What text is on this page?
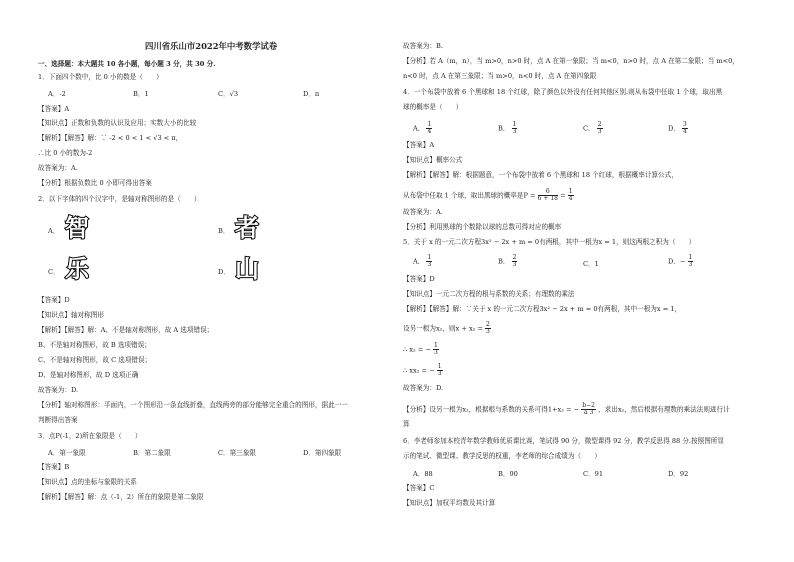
四川省乐山市2022年中考数学试卷
一、选择题：本大题共 10 各小题，每小题 3 分，共 30 分.
1．下面四个数中，比 0 小的数是（　　）
A．-2	B．1	C．√3	D．π
【答案】A
【知识点】正数和负数的认识及应用；实数大小的比较
【解析】【解答】解：∵ -2 < 0 < 1 < √3 < π,
∴比 0 小的数为-2
故答案为：A.
【分析】根据负数比 0 小即可得出答案
2．以下字体的四个汉字中，是轴对称图形的是（　　）
A． 智	B． 者
C． 乐	D． 山
【答案】D
【知识点】轴对称图形
【解析】【解答】解：A、不是轴对称图形，故 A 选项错误；
B、不是轴对称图形，故 B 选项错误；
C、不是轴对称图形，故 C 选项错误；
D、是轴对称图形，故 D 选项正确
故答案为：D.
【分析】轴对称图形：平面内，一个图形沿一条直线折叠，直线两旁的部分能够完全重合的图形，据此一一
判断得出答案
3．点P(-1，2)所在象限是（　　）
A．第一象限	B．第二象限	C．第三象限	D．第四象限
【答案】B
【知识点】点的坐标与象限的关系
【解析】【解答】解：点（-1，2）所在的象限是第二象限
故答案为：B.
【分析】若 A（m，n），当 m>0，n>0 时，点 A 在第一象限；当 m<0，n>0 时，点 A 在第二象限；当 m<0，
n<0 时，点 A 在第三象限；当 m>0，n<0 时，点 A 在第四象限
4．一个布袋中放着 6 个黑球和 18 个红球，除了颜色以外没有任何其他区别.则从布袋中任取 1 个球，取出黑
球的概率是（　　）
A． $\frac{1}{4}$	B． $\frac{1}{3}$	C． $\frac{2}{3}$	D． $\frac{3}{4}$
【答案】A
【知识点】概率公式
【解析】【解答】解：根据题意，一个布袋中放着 6 个黑球和 18 个红球，根据概率计算公式，
从布袋中任取 1 个球，取出黑球的概率是$P = \frac{6}{6 + 18} = \frac{1}{4}$
故答案为：A.
【分析】利用黑球的个数除以球的总数可得对应的概率
5．关于 x 的一元二次方程3x² − 2x + m = 0有两根，其中一根为x = 1，则这两根之积为（　　）
A． $\frac{1}{3}$	B． $\frac{2}{3}$	C．1	D．− $\frac{1}{3}$
【答案】D
【知识点】一元二次方程的根与系数的关系；有理数的乘法
【解析】【解答】解：∵关于 x 的一元二次方程3x² − 2x + m = 0有两根，其中一根为x = 1，
设另一根为x₂，则$x + x_2 = \frac{2}{3}$
∴ x₂ = − $\frac{1}{3}$
∴ xx₂ = − $\frac{1}{3}$
故答案为：D.
【分析】设另一根为x₂，根据根与系数的关系可得1+x₂ = − $\frac{b-2}{a 3}$ ，求出x₂，然后根据有理数的乘法法则进行计
算
6．李老师参加本校青年数学教师优质课比赛，笔试得 90 分，微型课得 92 分，教学反思得 88 分.按照图所显
示的笔试、微型课、教学反思的权重，李老师的综合成绩为（　　）
A．88	B．90	C．91	D．92
【答案】C
【知识点】加权平均数及其计算
